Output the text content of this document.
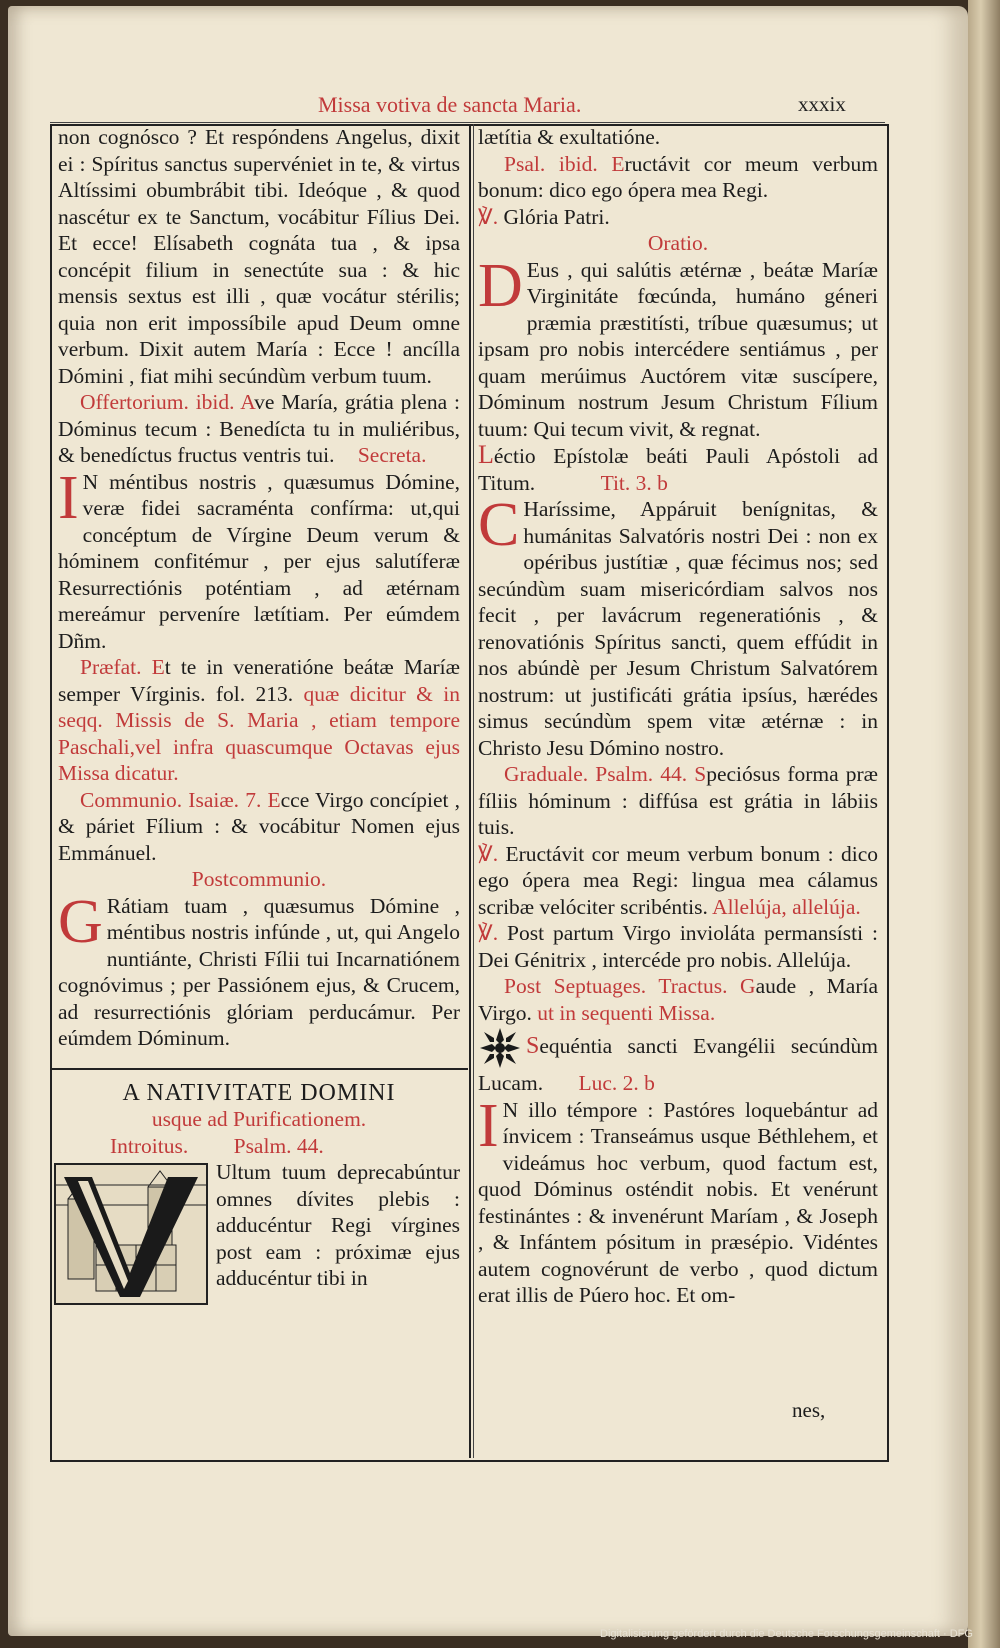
Missa votiva de sancta Maria.	xxxix

non cognósco ? Et respóndens Angelus, dixit ei : Spíritus sanctus supervéniet in te, & virtus Altíssimi obumbrábit tibi. Ideóque , & quod nascétur ex te Sanctum, vocábitur Fílius Dei. Et ecce! Elísabeth cognáta tua , & ipsa concépit filium in senectúte sua : & hic mensis sextus est illi , quæ vocátur stérilis; quia non erit impossíbile apud Deum omne verbum. Dixit autem María : Ecce ! ancílla Dómini , fiat mihi secúndùm verbum tuum.

Offertorium. ibid. Ave María, grátia plena : Dóminus tecum : Benedícta tu in muliéribus, & benedíctus fructus ventris tui. Secreta.

I N méntibus nostris , quæsumus Dómine, veræ fidei sacraménta confírma: ut,qui concéptum de Vírgine Deum verum & hóminem confitémur , per ejus salutíferæ Resurrectiónis poténtiam , ad ætérnam mereámur perveníre lætítiam. Per eúmdem Dñm.

Præfat. Et te in veneratióne beátæ Maríæ semper Vírginis. fol. 213. quæ dicitur & in seqq. Missis de S. Maria , etiam tempore Paschali,vel infra quascumque Octavas ejus Missa dicatur.

Communio. Isaiæ. 7. Ecce Virgo concípiet , & páriet Fílium : & vocábitur Nomen ejus Emmánuel.

Postcommunio.

G Rátiam tuam , quæsumus Dómine , méntibus nostris infúnde , ut, qui Angelo nuntiánte, Christi Fílii tui Incarnatiónem cognóvimus ; per Passiónem ejus, & Crucem, ad resurrectiónis glóriam perducámur. Per eúmdem Dóminum.

A NATIVITATE DOMINI

usque ad Purificationem.

Introitus. Psalm. 44.

Ultum tuum deprecabúntur omnes dívites plebis : adducéntur Regi vírgines post eam : próximæ ejus adducéntur tibi in

lætítia & exultatióne.

Psal. ibid. Eructávit cor meum verbum bonum: dico ego ópera mea Regi.

℣. Glória Patri.

Oratio.

D Eus , qui salútis ætérnæ , beátæ Maríæ Virginitáte fœcúnda, humáno géneri præmia præstitísti, tríbue quæsumus; ut ipsam pro nobis intercédere sentiámus , per quam merúimus Auctórem vitæ suscípere, Dóminum nostrum Jesum Christum Fílium tuum: Qui tecum vivit, & regnat.

Léctio Epístolæ beáti Pauli Apóstoli ad Titum.	Tit. 3. b

C Haríssime, Appáruit benígnitas, & humánitas Salvatóris nostri Dei : non ex opéribus justítiæ , quæ fécimus nos; sed secúndùm suam misericórdiam salvos nos fecit , per lavácrum regeneratiónis , & renovatiónis Spíritus sancti, quem effúdit in nos abúndè per Jesum Christum Salvatórem nostrum: ut justificáti grátia ipsíus, hærédes simus secúndùm spem vitæ ætérnæ : in Christo Jesu Dómino nostro.

Graduale. Psalm. 44. Speciósus forma præ fíliis hóminum : diffúsa est grátia in lábiis tuis.

℣. Eructávit cor meum verbum bonum : dico ego ópera mea Regi: lingua mea cálamus scribæ velóciter scribéntis. Allelúja, allelúja.

℣. Post partum Virgo invioláta permansísti : Dei Génitrix , intercéde pro nobis. Allelúja.

Post Septuages. Tractus. Gaude , María Virgo. ut in sequenti Missa.

Sequéntia sancti Evangélii secúndùm Lucam. Luc. 2. b

I N illo témpore : Pastóres loquebántur ad ínvicem : Transeámus usque Béthlehem, et videámus hoc verbum, quod factum est, quod Dóminus osténdit nobis. Et venérunt festinántes : & invenérunt Maríam , & Joseph , & Infántem pósitum in præsépio. Vidéntes autem cognovérunt de verbo , quod dictum erat illis de Púero hoc. Et om-

nes,
Digitalisierung gefördert durch die Deutsche Forschungsgemeinschaft · DFG
